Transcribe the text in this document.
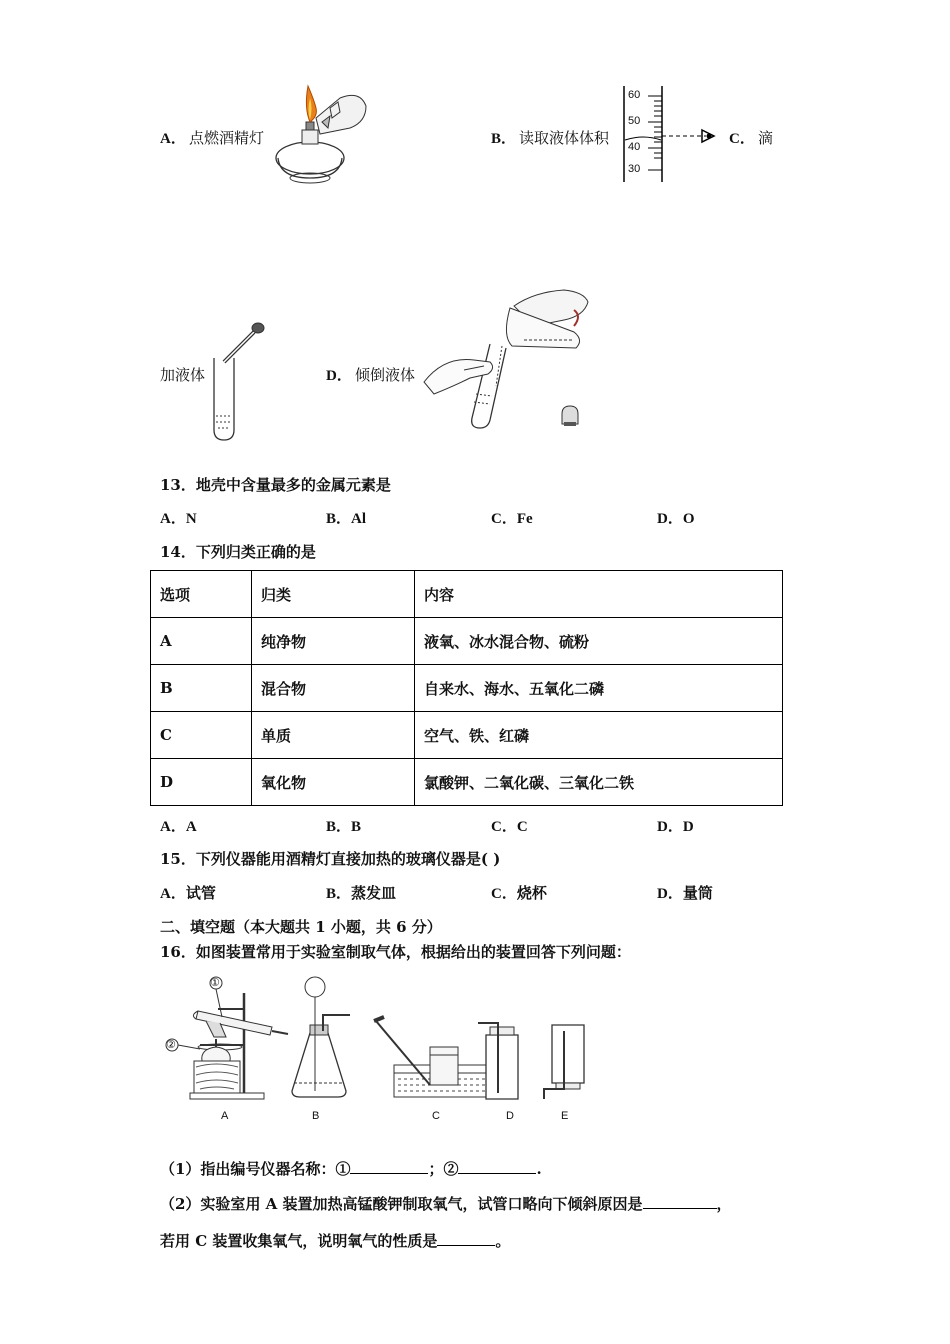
A． 点燃酒精灯	B． 读取液体体积
60
50
40
30
C． 滴
加液体	D． 倾倒液体
13．地壳中含量最多的金属元素是
A．N	B．Al	C．Fe	D．O
14．下列归类正确的是
选项	归类	内容
A	纯净物	液氧、冰水混合物、硫粉
B	混合物	自来水、海水、五氧化二磷
C	单质	空气、铁、红磷
D	氧化物	氯酸钾、二氧化碳、三氧化二铁
A．A	B．B	C．C	D．D
15．下列仪器能用酒精灯直接加热的玻璃仪器是( )
A．试管	B．蒸发皿	C．烧杯	D．量筒
二、填空题（本大题共 1 小题，共 6 分）
16．如图装置常用于实验室制取气体，根据给出的装置回答下列问题：
A	B	C	D	E
①
②
（1）指出编号仪器名称：①	；②	.
（2）实验室用 A 装置加热高锰酸钾制取氧气，试管口略向下倾斜原因是	，
若用 C 装置收集氧气，说明氧气的性质是	。
